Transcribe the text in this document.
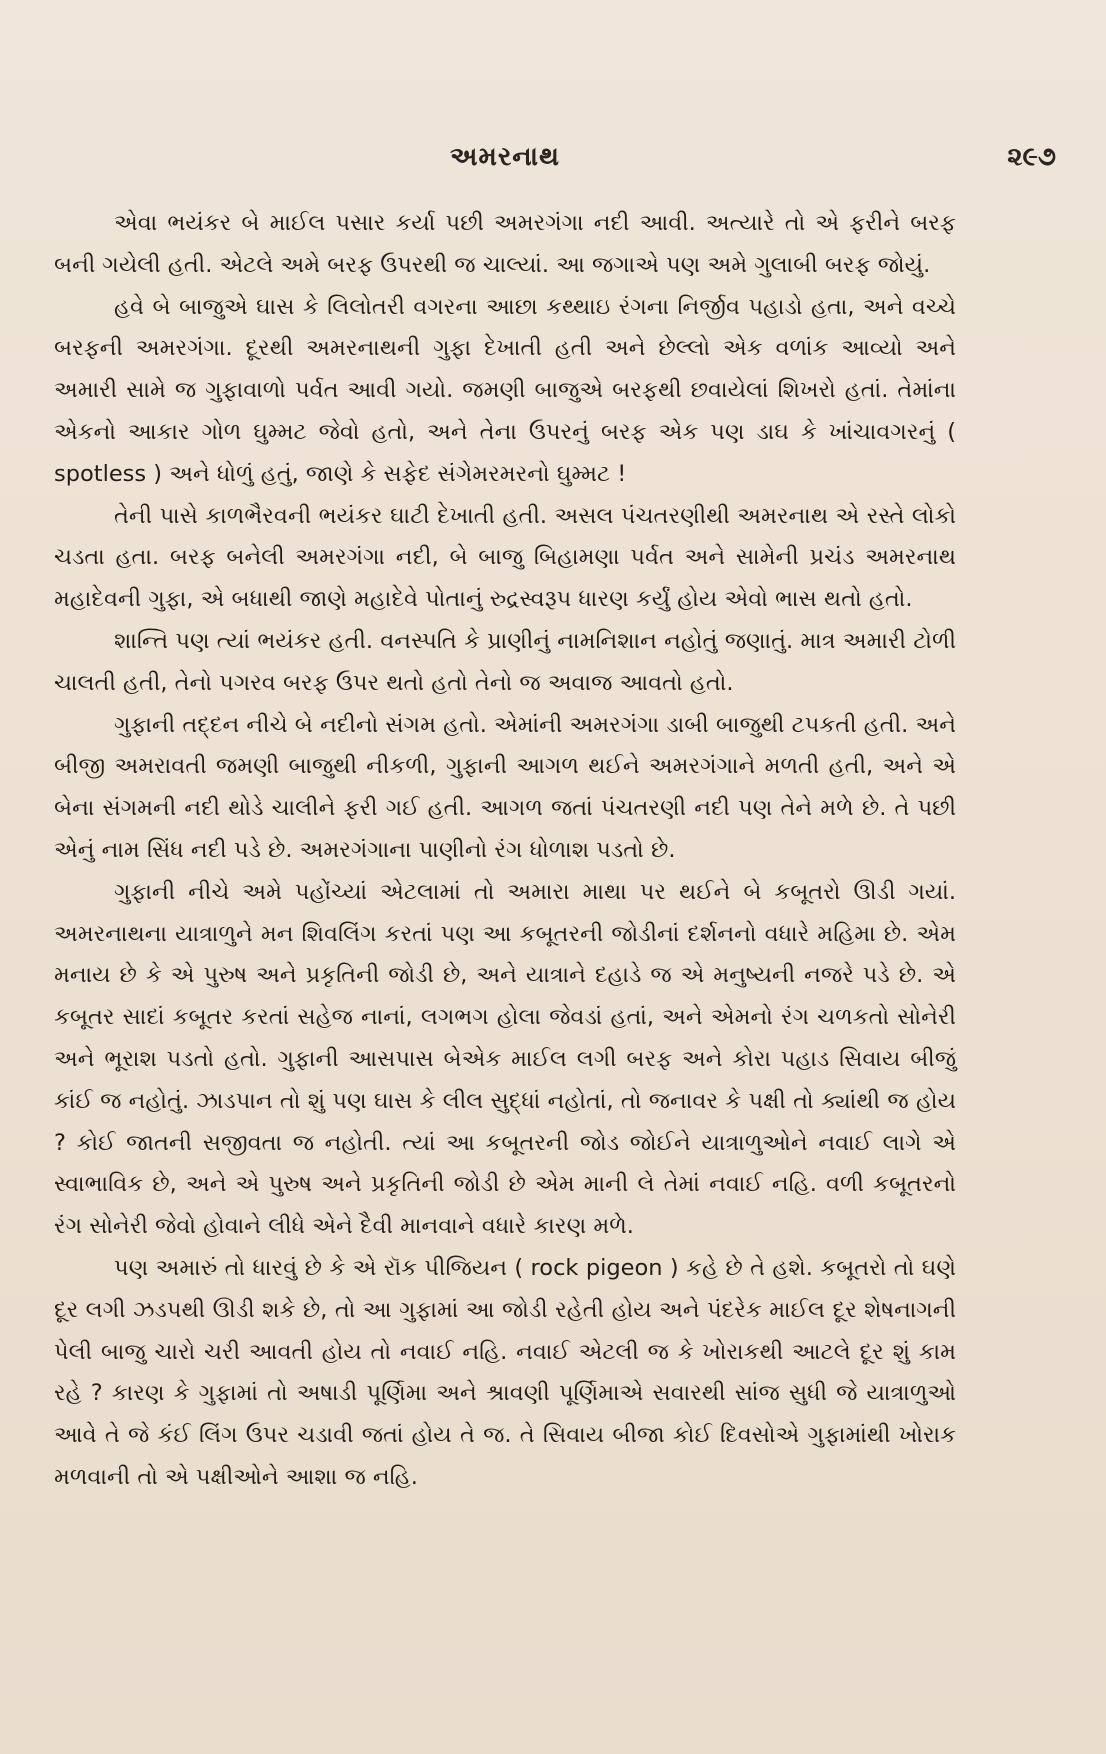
અમરનાથ	૨૯૭

એવા ભયંકર બે માઈલ પસાર કર્યા પછી અમરગંગા નદી આવી. અત્યારે તો એ ફરીને બરફ બની ગયેલી હતી. એટલે અમે બરફ ઉપરથી જ ચાલ્યાં. આ જગાએ પણ અમે ગુલાબી બરફ જોયું.

હવે બે બાજુએ ઘાસ કે લિલોતરી વગરના આછા કથ્થાઇ રંગના નિર્જીવ પહાડો હતા, અને વચ્ચે બરફની અમરગંગા. દૂરથી અમરનાથની ગુફા દેખાતી હતી અને છેલ્લો એક વળાંક આવ્યો અને અમારી સામે જ ગુફાવાળો પર્વત આવી ગયો. જમણી બાજુએ બરફથી છવાયેલાં શિખરો હતાં. તેમાંના એકનો આકાર ગોળ ઘુમ્મટ જેવો હતો, અને તેના ઉપરનું બરફ એક પણ ડાઘ કે ખાંચાવગરનું ( spotless ) અને ધોળું હતું, જાણે કે સફેદ સંગેમરમરનો ઘુમ્મટ !

તેની પાસે કાળભૈરવની ભયંકર ઘાટી દેખાતી હતી. અસલ પંચતરણીથી અમરનાથ એ રસ્તે લોકો ચડતા હતા. બરફ બનેલી અમરગંગા નદી, બે બાજુ બિહામણા પર્વત અને સામેની પ્રચંડ અમરનાથ મહાદેવની ગુફા, એ બધાથી જાણે મહાદેવે પોતાનું રુદ્રસ્વરૂપ ધારણ કર્યું હોય એવો ભાસ થતો હતો.

શાન્તિ પણ ત્યાં ભયંકર હતી. વનસ્પતિ કે પ્રાણીનું નામનિશાન નહોતું જણાતું. માત્ર અમારી ટોળી ચાલતી હતી, તેનો પગરવ બરફ ઉપર થતો હતો તેનો જ અવાજ આવતો હતો.

ગુફાની તદ્દન નીચે બે નદીનો સંગમ હતો. એમાંની અમરગંગા ડાબી બાજુથી ટપકતી હતી. અને બીજી અમરાવતી જમણી બાજુથી નીકળી, ગુફાની આગળ થઈને અમરગંગાને મળતી હતી, અને એ બેના સંગમની નદી થોડે ચાલીને ફરી ગઈ હતી. આગળ જતાં પંચતરણી નદી પણ તેને મળે છે. તે પછી એનું નામ સિંધ નદી પડે છે. અમરગંગાના પાણીનો રંગ ધોળાશ પડતો છે.

ગુફાની નીચે અમે પહોંચ્યાં એટલામાં તો અમારા માથા પર થઈને બે કબૂતરો ઊડી ગયાં. અમરનાથના યાત્રાળુને મન શિવલિંગ કરતાં પણ આ કબૂતરની જોડીનાં દર્શનનો વધારે મહિમા છે. એમ મનાય છે કે એ પુરુષ અને પ્રકૃતિની જોડી છે, અને યાત્રાને દહાડે જ એ મનુષ્યની નજરે પડે છે. એ કબૂતર સાદાં કબૂતર કરતાં સહેજ નાનાં, લગભગ હોલા જેવડાં હતાં, અને એમનો રંગ ચળકતો સોનેરી અને ભૂરાશ પડતો હતો. ગુફાની આસપાસ બેએક માઈલ લગી બરફ અને કોરા પહાડ સિવાય બીજું કાંઈ જ નહોતું. ઝાડપાન તો શું પણ ઘાસ કે લીલ સુદ્ધાં નહોતાં, તો જનાવર કે પક્ષી તો ક્યાંથી જ હોય ? કોઈ જાતની સજીવતા જ નહોતી. ત્યાં આ કબૂતરની જોડ જોઈને યાત્રાળુઓને નવાઈ લાગે એ સ્વાભાવિક છે, અને એ પુરુષ અને પ્રકૃતિની જોડી છે એમ માની લે તેમાં નવાઈ નહિ. વળી કબૂતરનો રંગ સોનેરી જેવો હોવાને લીધે એને દૈવી માનવાને વધારે કારણ મળે.

પણ અમારું તો ધારવું છે કે એ રૉક પીજિયન ( rock pigeon ) કહે છે તે હશે. કબૂતરો તો ઘણે દૂર લગી ઝડપથી ઊડી શકે છે, તો આ ગુફામાં આ જોડી રહેતી હોય અને પંદરેક માઈલ દૂર શેષનાગની પેલી બાજુ ચારો ચરી આવતી હોય તો નવાઈ નહિ. નવાઈ એટલી જ કે ખોરાકથી આટલે દૂર શું કામ રહે ? કારણ કે ગુફામાં તો અષાડી પૂર્ણિમા અને શ્રાવણી પૂર્ણિમાએ સવારથી સાંજ સુધી જે યાત્રાળુઓ આવે તે જે કંઈ લિંગ ઉપર ચડાવી જતાં હોય તે જ. તે સિવાય બીજા કોઈ દિવસોએ ગુફામાંથી ખોરાક મળવાની તો એ પક્ષીઓને આશા જ નહિ.
